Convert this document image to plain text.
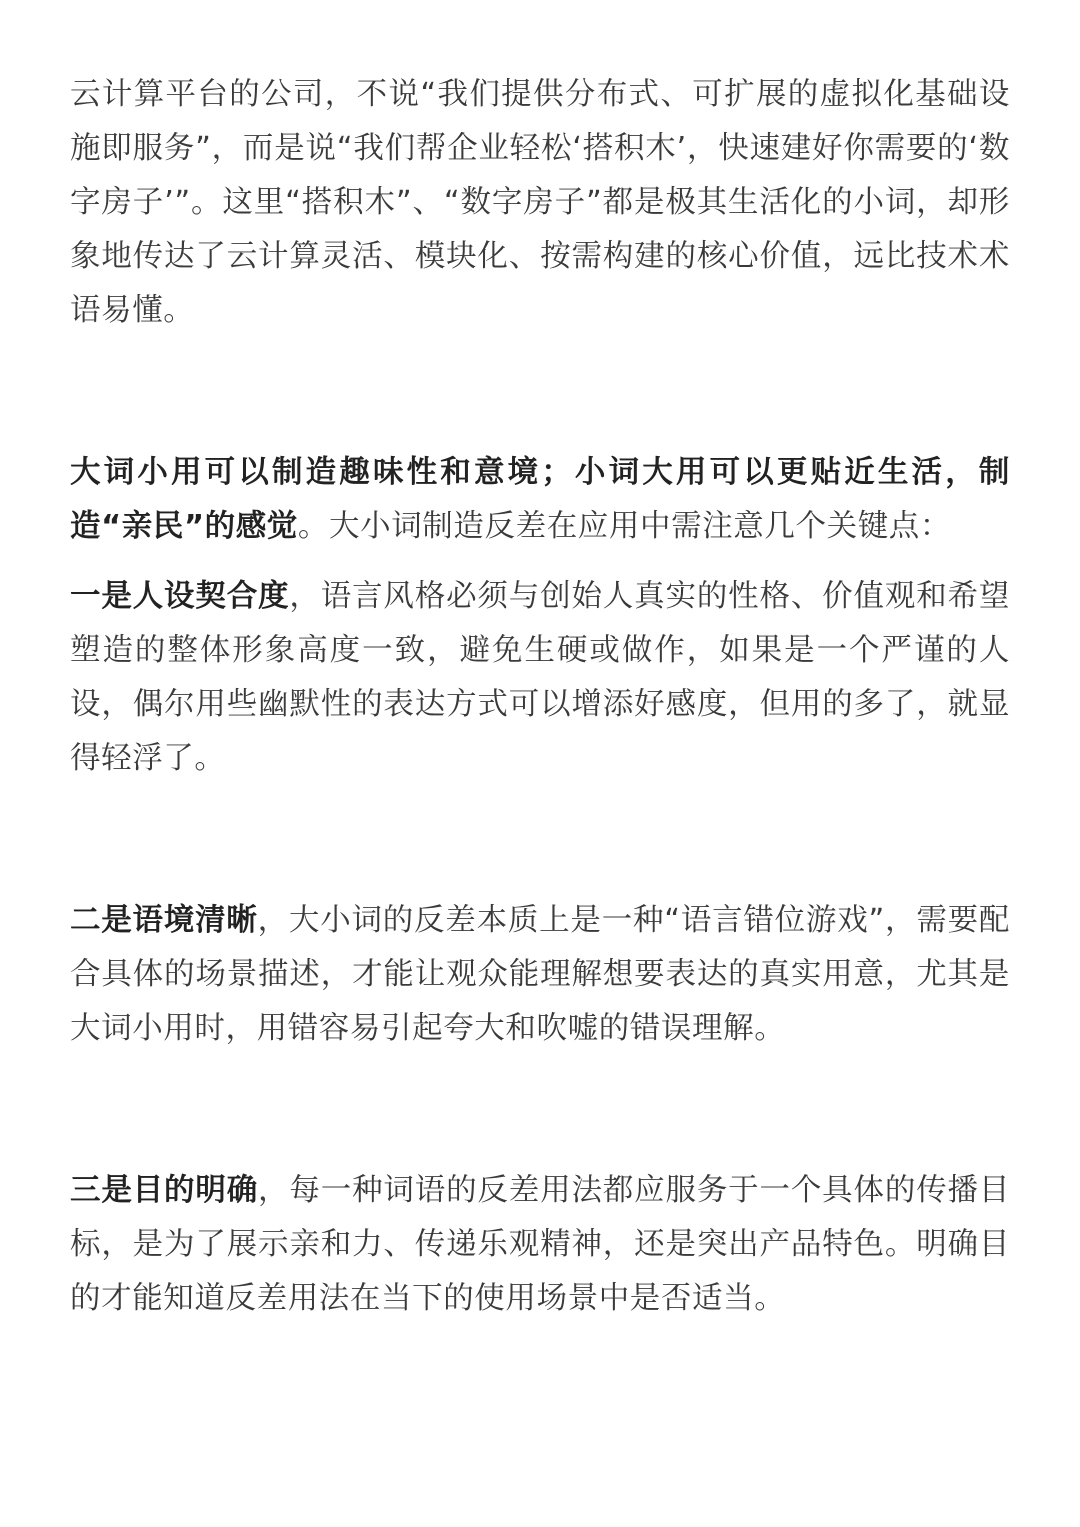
云计算平台的公司，不说“我们提供分布式、可扩展的虚拟化基础设施即服务”，而是说“我们帮企业轻松‘搭积木’，快速建好你需要的‘数字房子’”。这里“搭积木”、“数字房子”都是极其生活化的小词，却形象地传达了云计算灵活、模块化、按需构建的核心价值，远比技术术语易懂。

大词小用可以制造趣味性和意境；小词大用可以更贴近生活，制造“亲民”的感觉。大小词制造反差在应用中需注意几个关键点：

一是人设契合度，语言风格必须与创始人真实的性格、价值观和希望塑造的整体形象高度一致，避免生硬或做作，如果是一个严谨的人设，偶尔用些幽默性的表达方式可以增添好感度，但用的多了，就显得轻浮了。

二是语境清晰，大小词的反差本质上是一种“语言错位游戏”，需要配合具体的场景描述，才能让观众能理解想要表达的真实用意，尤其是大词小用时，用错容易引起夸大和吹嘘的错误理解。

三是目的明确，每一种词语的反差用法都应服务于一个具体的传播目标，是为了展示亲和力、传递乐观精神，还是突出产品特色。明确目的才能知道反差用法在当下的使用场景中是否适当。
